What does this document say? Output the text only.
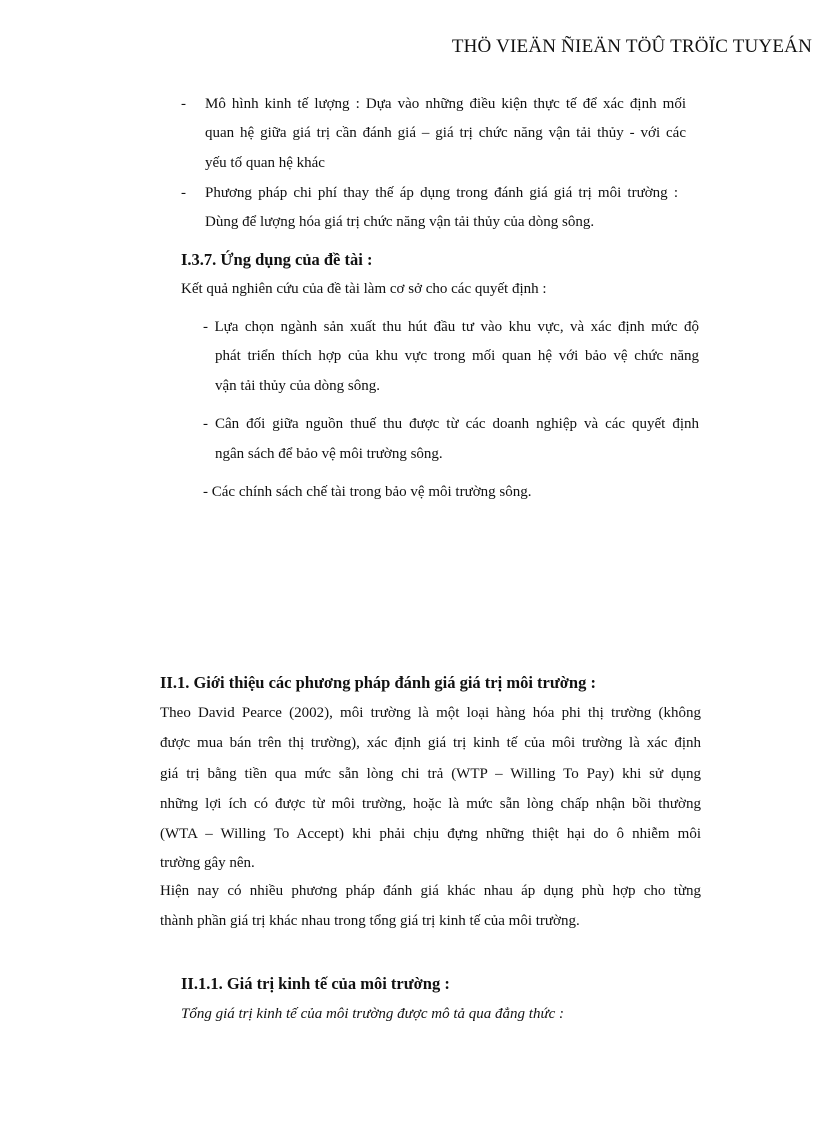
THÖ VIEÄN ÑIEÄN TÖÛ TRÖÏC TUYEÁN
- Mô hình kinh tế lượng : Dựa vào những điều kiện thực tế để xác định mối
quan hệ giữa giá trị cần đánh giá – giá trị chức năng vận tải thủy - với các
yếu tố quan hệ khác
- Phương pháp chi phí thay thế áp dụng trong đánh giá giá trị môi trường :
Dùng để lượng hóa giá trị chức năng vận tải thủy của dòng sông.
I.3.7. Ứng dụng của đề tài :
Kết quả nghiên cứu của đề tài làm cơ sở cho các quyết định :
- Lựa chọn ngành sản xuất thu hút đầu tư vào khu vực, và xác định mức độ
phát triển thích hợp của khu vực trong mối quan hệ với bảo vệ chức năng
vận tải thủy của dòng sông.
- Cân đối giữa nguồn thuế thu được từ các doanh nghiệp và các quyết định
ngân sách để bảo vệ môi trường sông.
- Các chính sách chế tài trong bảo vệ môi trường sông.
II.1. Giới thiệu các phương pháp đánh giá giá trị môi trường :
Theo David Pearce (2002), môi trường là một loại hàng hóa phi thị trường (không
được mua bán trên thị trường), xác định giá trị kinh tế của môi trường là xác định
giá trị bằng tiền qua mức sẵn lòng chi trả (WTP – Willing To Pay) khi sử dụng
những lợi ích có được từ môi trường, hoặc là mức sẵn lòng chấp nhận bồi thường
(WTA – Willing To Accept) khi phải chịu đựng những thiệt hại do ô nhiễm môi
trường gây nên.
Hiện nay có nhiều phương pháp đánh giá khác nhau áp dụng phù hợp cho từng
thành phần giá trị khác nhau trong tổng giá trị kinh tế của môi trường.
II.1.1. Giá trị kinh tế của môi trường :
Tổng giá trị kinh tế của môi trường được mô tả qua đẳng thức :
